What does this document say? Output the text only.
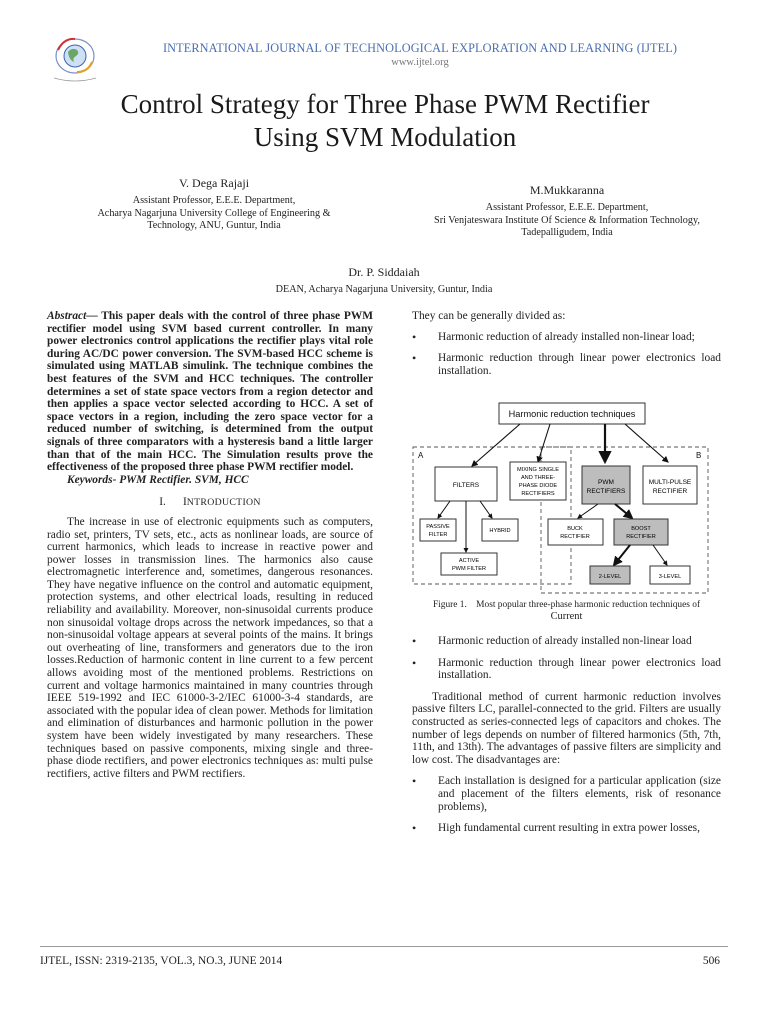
INTERNATIONAL JOURNAL OF TECHNOLOGICAL EXPLORATION AND LEARNING (IJTEL)
www.ijtel.org
Control Strategy for Three Phase PWM Rectifier
Using SVM Modulation
V. Dega Rajaji
Assistant Professor, E.E.E. Department,
Acharya Nagarjuna University College of Engineering &
Technology, ANU, Guntur, India
M.Mukkaranna
Assistant Professor, E.E.E. Department,
Sri Venjateswara Institute Of Science & Information Technology,
Tadepalligudem, India
Dr. P. Siddaiah
DEAN, Acharya Nagarjuna University, Guntur, India
Abstract— This paper deals with the control of three phase PWM rectifier model using SVM based current controller. In many power electronics control applications the rectifier plays vital role during AC/DC power conversion. The SVM-based HCC scheme is simulated using MATLAB simulink. The technique combines the best features of the SVM and HCC techniques. The controller determines a set of state space vectors from a region detector and then applies a space vector selected according to HCC. A set of space vectors in a region, including the zero space vector for a reduced number of switching, is determined from the output signals of three comparators with a hysteresis band a little larger than that of the main HCC. The Simulation results prove the effectiveness of the proposed three phase PWM rectifier model.
Keywords- PWM Rectifier. SVM, HCC
I. INTRODUCTION
The increase in use of electronic equipments such as computers, radio set, printers, TV sets, etc., acts as nonlinear loads, are source of current harmonics, which leads to increase in reactive power and power losses in transmission lines. The harmonics also cause electromagnetic interference and, sometimes, dangerous resonances. They have negative influence on the control and automatic equipment, protection systems, and other electrical loads, resulting in reduced reliability and availability. Moreover, non-sinusoidal currents produce non sinusoidal voltage drops across the network impedances, so that a non-sinusoidal voltage appears at several points of the mains. It brings out overheating of line, transformers and generators due to the iron losses.Reduction of harmonic content in line current to a few percent allows avoiding most of the mentioned problems. Restrictions on current and voltage harmonics maintained in many countries through IEEE 519-1992 and IEC 61000-3-2/IEC 61000-3-4 standards, are associated with the popular idea of clean power. Methods for limitation and elimination of disturbances and harmonic pollution in the power system have been widely investigated by many researchers. These techniques based on passive components, mixing single and three-phase diode rectifiers, and power electronics techniques as: multi pulse rectifiers, active filters and PWM rectifiers.
They can be generally divided as:
• Harmonic reduction of already installed non-linear load;
• Harmonic reduction through linear power electronics load installation.
Harmonic reduction techniques
A	B
FILTERS
MIXING SINGLE
AND THREE-
PHASE DIODE
RECTIFIERS
PWM
RECTIFIERS
MULTI-PULSE
RECTIFIER
PASSIVE
FILTER
HYBRID
ACTIVE
PWM FILTER
BUCK
RECTIFIER
BOOST
RECTIFIER
2-LEVEL	3-LEVEL
Figure 1. Most popular three-phase harmonic reduction techniques of
Current
• Harmonic reduction of already installed non-linear load
• Harmonic reduction through linear power electronics load installation.
Traditional method of current harmonic reduction involves passive filters LC, parallel-connected to the grid. Filters are usually constructed as series-connected legs of capacitors and chokes. The number of legs depends on number of filtered harmonics (5th, 7th, 11th, and 13th). The advantages of passive filters are simplicity and low cost. The disadvantages are:
• Each installation is designed for a particular application (size and placement of the filters elements, risk of resonance problems),
• High fundamental current resulting in extra power losses,
IJTEL, ISSN: 2319-2135, VOL.3, NO.3, JUNE 2014	506
